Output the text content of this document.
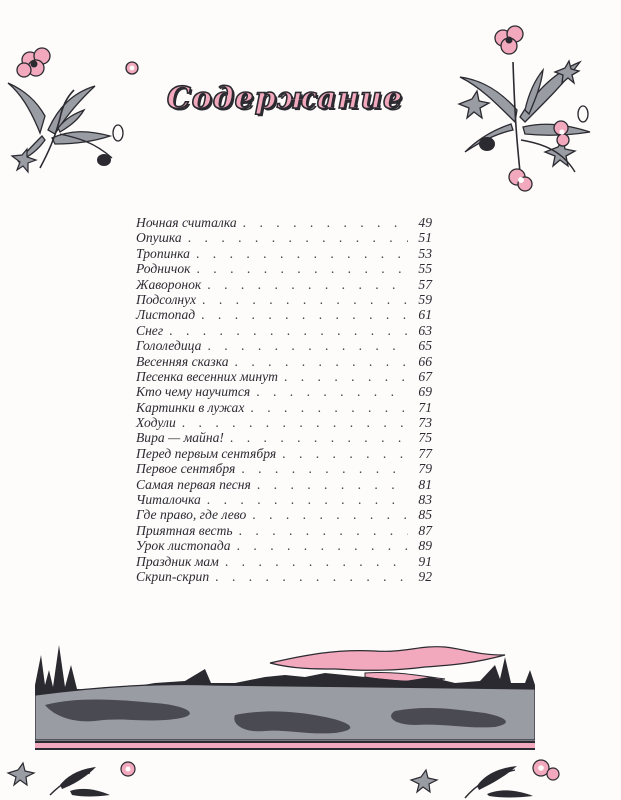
Содержание
Ночная считалка . . .	49
Опушка . . .	51
Тропинка . . .	53
Родничок . . .	55
Жаворонок . . .	57
Подсолнух . . .	59
Листопад . . .	61
Снег . . .	63
Гололедица . . .	65
Весенняя сказка . . .	66
Песенка весенних минут . . .	67
Кто чему научится . . .	69
Картинки в лужах . . .	71
Ходули . . .	73
Вира — майна! . . .	75
Перед первым сентября . . .	77
Первое сентября . . .	79
Самая первая песня . . .	81
Читалочка . . .	83
Где право, где лево . . .	85
Приятная весть . . .	87
Урок листопада . . .	89
Праздник мам . . .	91
Скрип-скрип . . .	92
